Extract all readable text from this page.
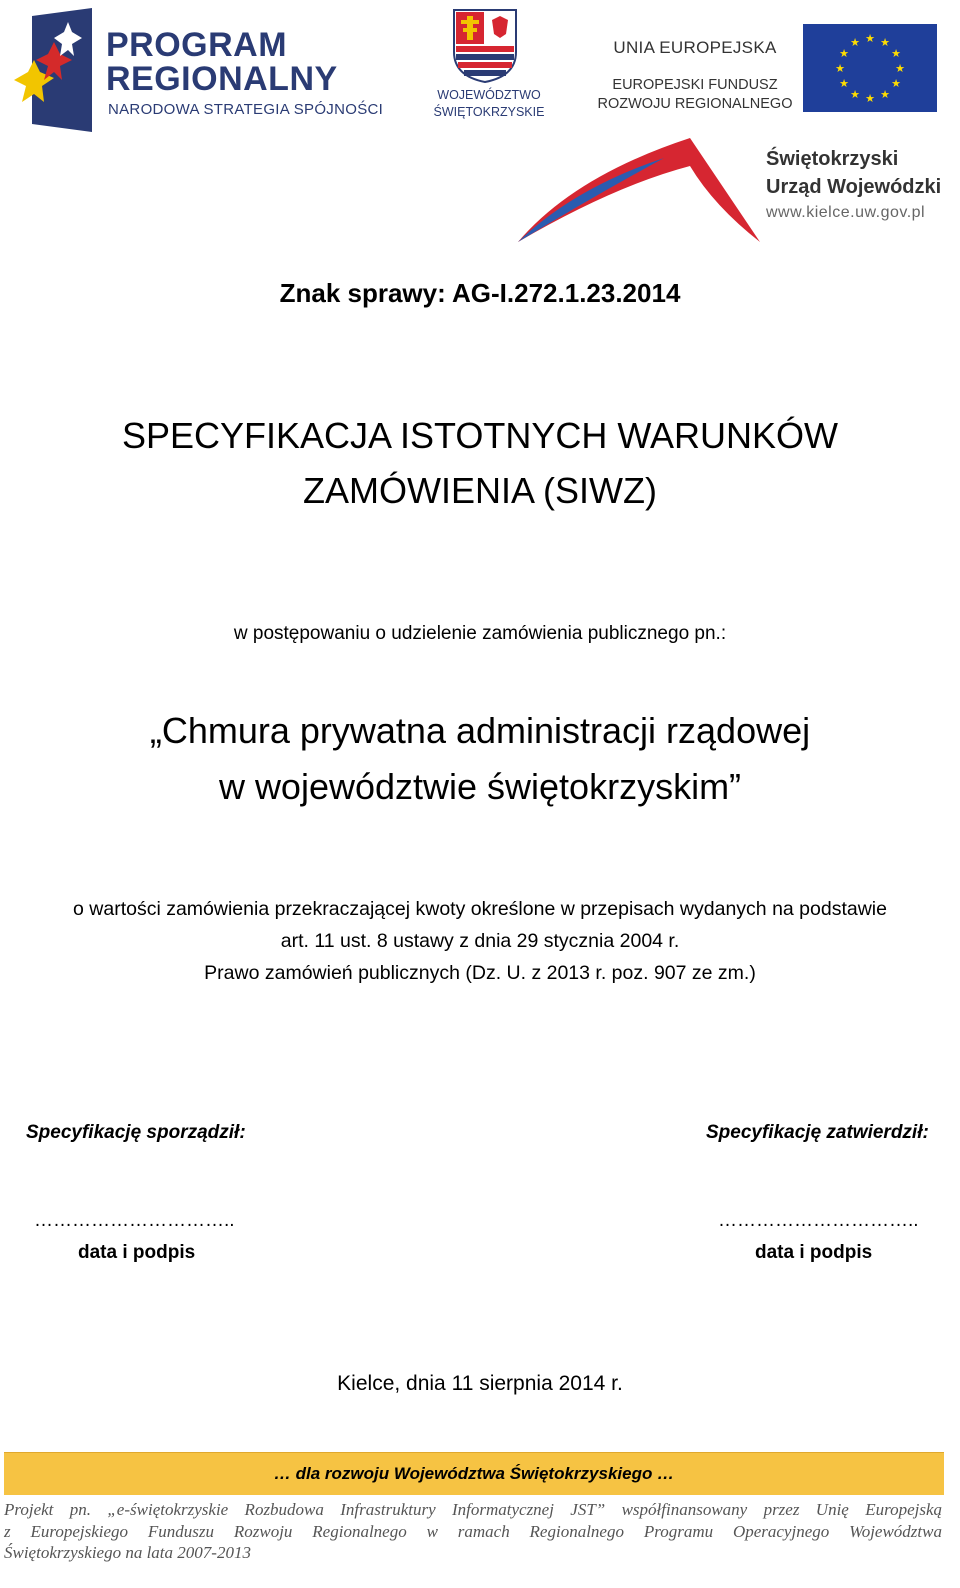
PROGRAM
REGIONALNY
NARODOWA STRATEGIA SPÓJNOŚCI
WOJEWÓDZTWO
ŚWIĘTOKRZYSKIE
UNIA EUROPEJSKA
EUROPEJSKI FUNDUSZ
ROZWOJU REGIONALNEGO
★ ★
★
★
★
★
★
★
★
★
★
★
Świętokrzyski
Urząd Wojewódzki
www.kielce.uw.gov.pl
Znak sprawy: AG-I.272.1.23.2014
SPECYFIKACJA ISTOTNYCH WARUNKÓW
ZAMÓWIENIA (SIWZ)
w postępowaniu o udzielenie zamówienia publicznego pn.:
„Chmura prywatna administracji rządowej
w województwie świętokrzyskim”
o wartości zamówienia przekraczającej kwoty określone w przepisach wydanych na podstawie
art. 11 ust. 8 ustawy z dnia 29 stycznia 2004 r.
Prawo zamówień publicznych (Dz. U. z 2013 r. poz. 907 ze zm.)
Specyfikację sporządził:	Specyfikację zatwierdził:
…………………………..	…………………………..
data i podpis	data i podpis
Kielce, dnia 11 sierpnia 2014 r.
… dla rozwoju Województwa Świętokrzyskiego …
Projekt pn. „e-świętokrzyskie Rozbudowa Infrastruktury Informatycznej JST” współfinansowany przez Unię Europejską
z Europejskiego Funduszu Rozwoju Regionalnego w ramach Regionalnego Programu Operacyjnego Województwa
Świętokrzyskiego na lata 2007-2013
